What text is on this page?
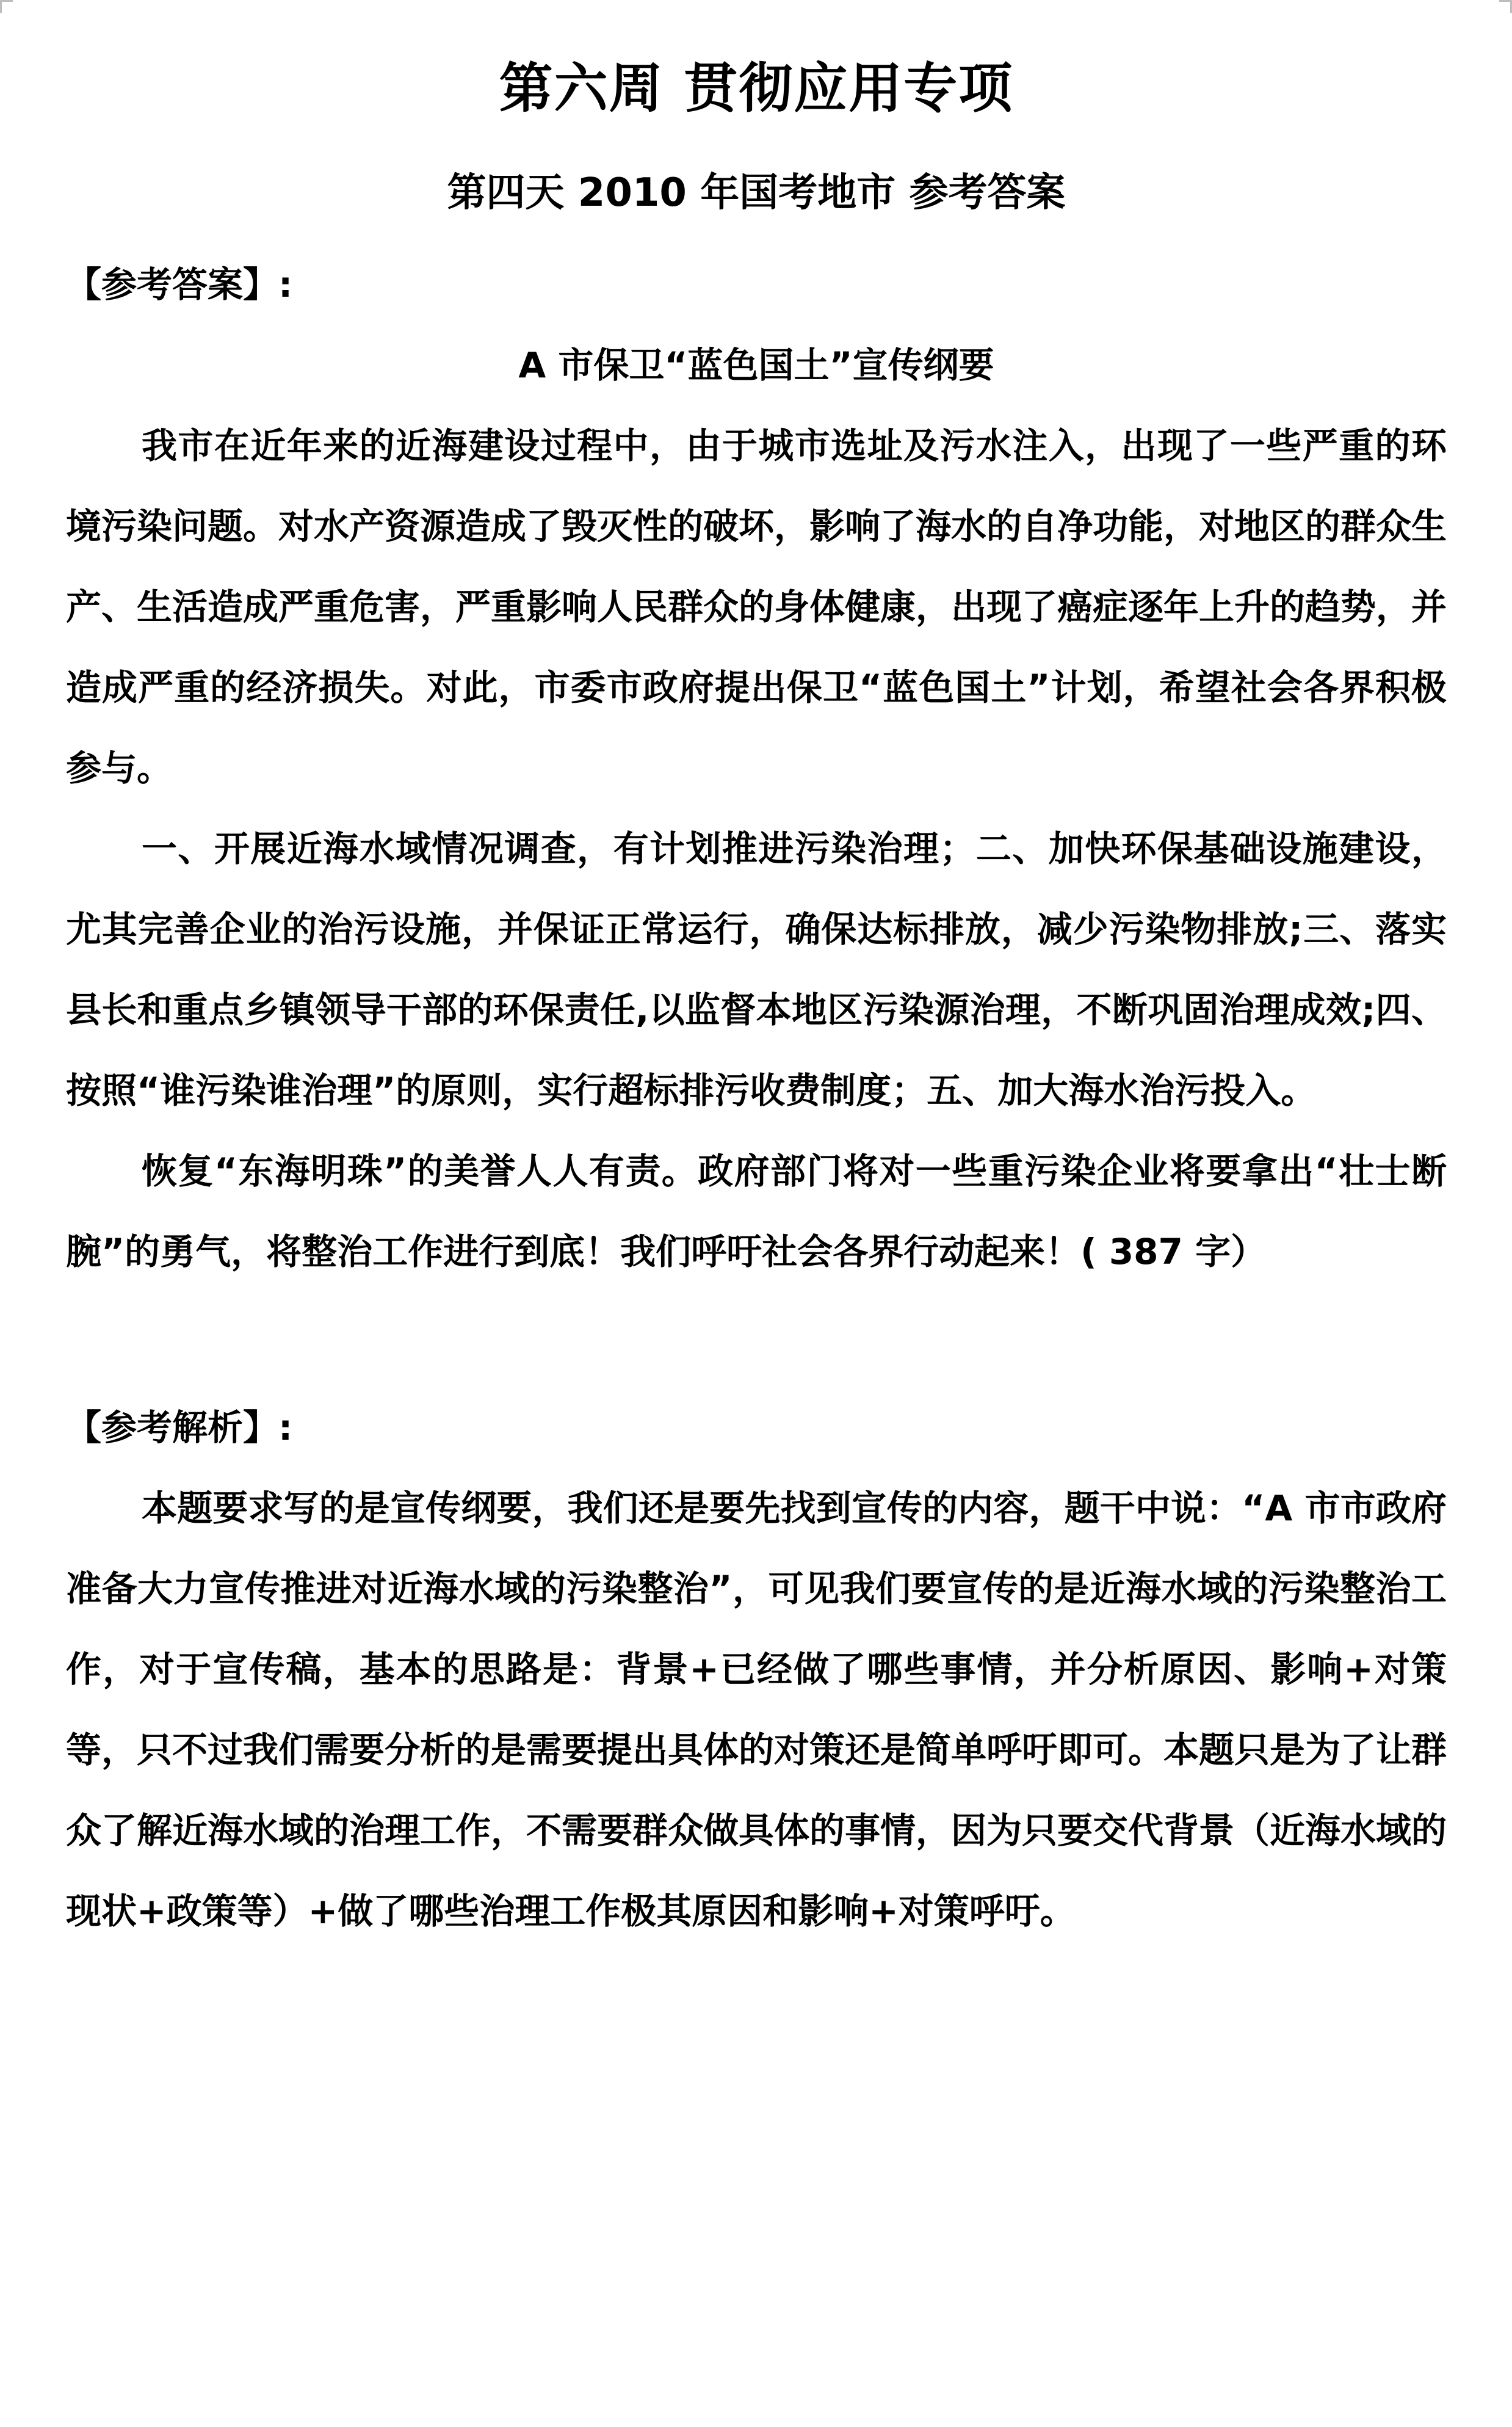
第六周 贯彻应用专项
第四天 2010 年国考地市 参考答案
【参考答案】:
A 市保卫“蓝色国土”宣传纲要

我市在近年来的近海建设过程中，由于城市选址及污水注入，出现了一些严重的环境污染问题。对水产资源造成了毁灭性的破坏，影响了海水的自净功能，对地区的群众生产、生活造成严重危害，严重影响人民群众的身体健康，出现了癌症逐年上升的趋势，并造成严重的经济损失。对此，市委市政府提出保卫“蓝色国土”计划，希望社会各界积极参与。

一、开展近海水域情况调查，有计划推进污染治理；二、加快环保基础设施建设，尤其完善企业的治污设施，并保证正常运行，确保达标排放，减少污染物排放;三、落实县长和重点乡镇领导干部的环保责任,以监督本地区污染源治理，不断巩固治理成效;四、按照“谁污染谁治理”的原则，实行超标排污收费制度；五、加大海水治污投入。

恢复“东海明珠”的美誉人人有责。政府部门将对一些重污染企业将要拿出“壮士断腕”的勇气，将整治工作进行到底！我们呼吁社会各界行动起来！( 387 字）

【参考解析】:

本题要求写的是宣传纲要，我们还是要先找到宣传的内容，题干中说：“A 市市政府准备大力宣传推进对近海水域的污染整治”，可见我们要宣传的是近海水域的污染整治工作，对于宣传稿，基本的思路是：背景+已经做了哪些事情，并分析原因、影响+对策等，只不过我们需要分析的是需要提出具体的对策还是简单呼吁即可。本题只是为了让群众了解近海水域的治理工作，不需要群众做具体的事情，因为只要交代背景（近海水域的现状+政策等）+做了哪些治理工作极其原因和影响+对策呼吁。
